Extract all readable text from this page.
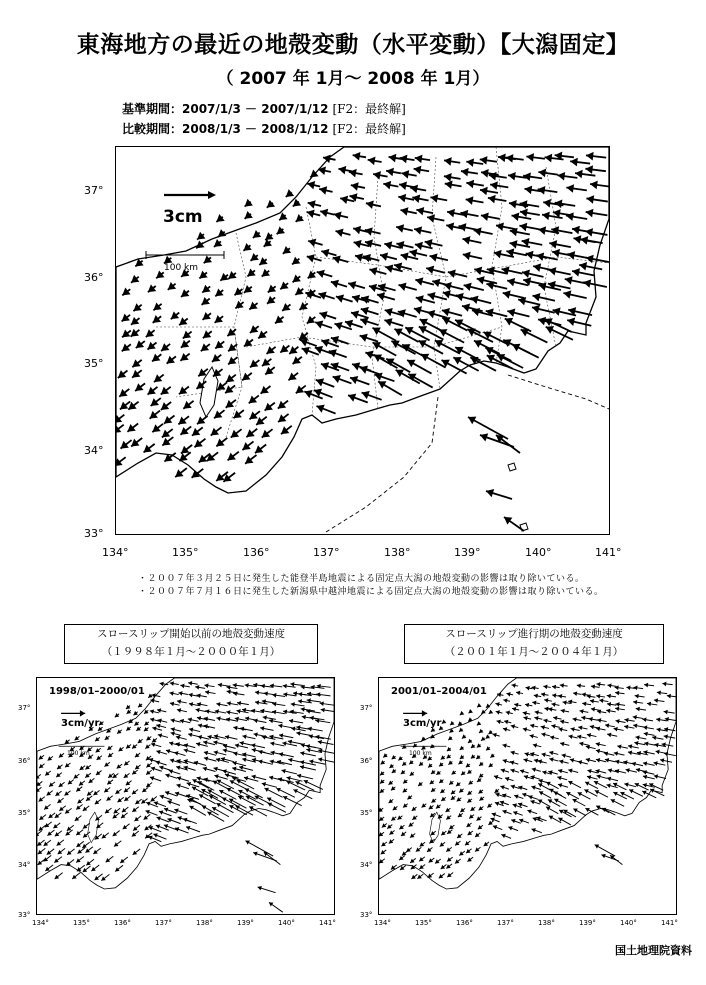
東海地方の最近の地殻変動（水平変動）【大潟固定】
（ 2007 年 1月～ 2008 年 1月）
基準期間：2007/1/3 － 2007/1/12 [F2：最終解]
比較期間：2008/1/3 － 2008/1/12 [F2：最終解]
3cm
100 km
37°
36°
35°
34°
33°
134°	135°	136°	137°	138°	139°	140°	141°
・２００７年３月２５日に発生した能登半島地震による固定点大潟の地殻変動の影響は取り除いている。
・２００７年７月１６日に発生した新潟県中越沖地震による固定点大潟の地殻変動の影響は取り除いている。
スロースリップ開始以前の地殻変動速度
（１９９８年１月～２０００年１月）
スロースリップ進行期の地殻変動速度
（２００１年１月～２００４年１月）
1998/01–2000/01
3cm/yr
100 km
2001/01–2004/01
3cm/yr
100 km
37°
36°
35°
34°
33°
134°	135°	136°	137°	138°	139°	140°	141°
37°
36°
35°
34°
33°
134°	135°	136°	137°	138°	139°	140°	141°
国土地理院資料
